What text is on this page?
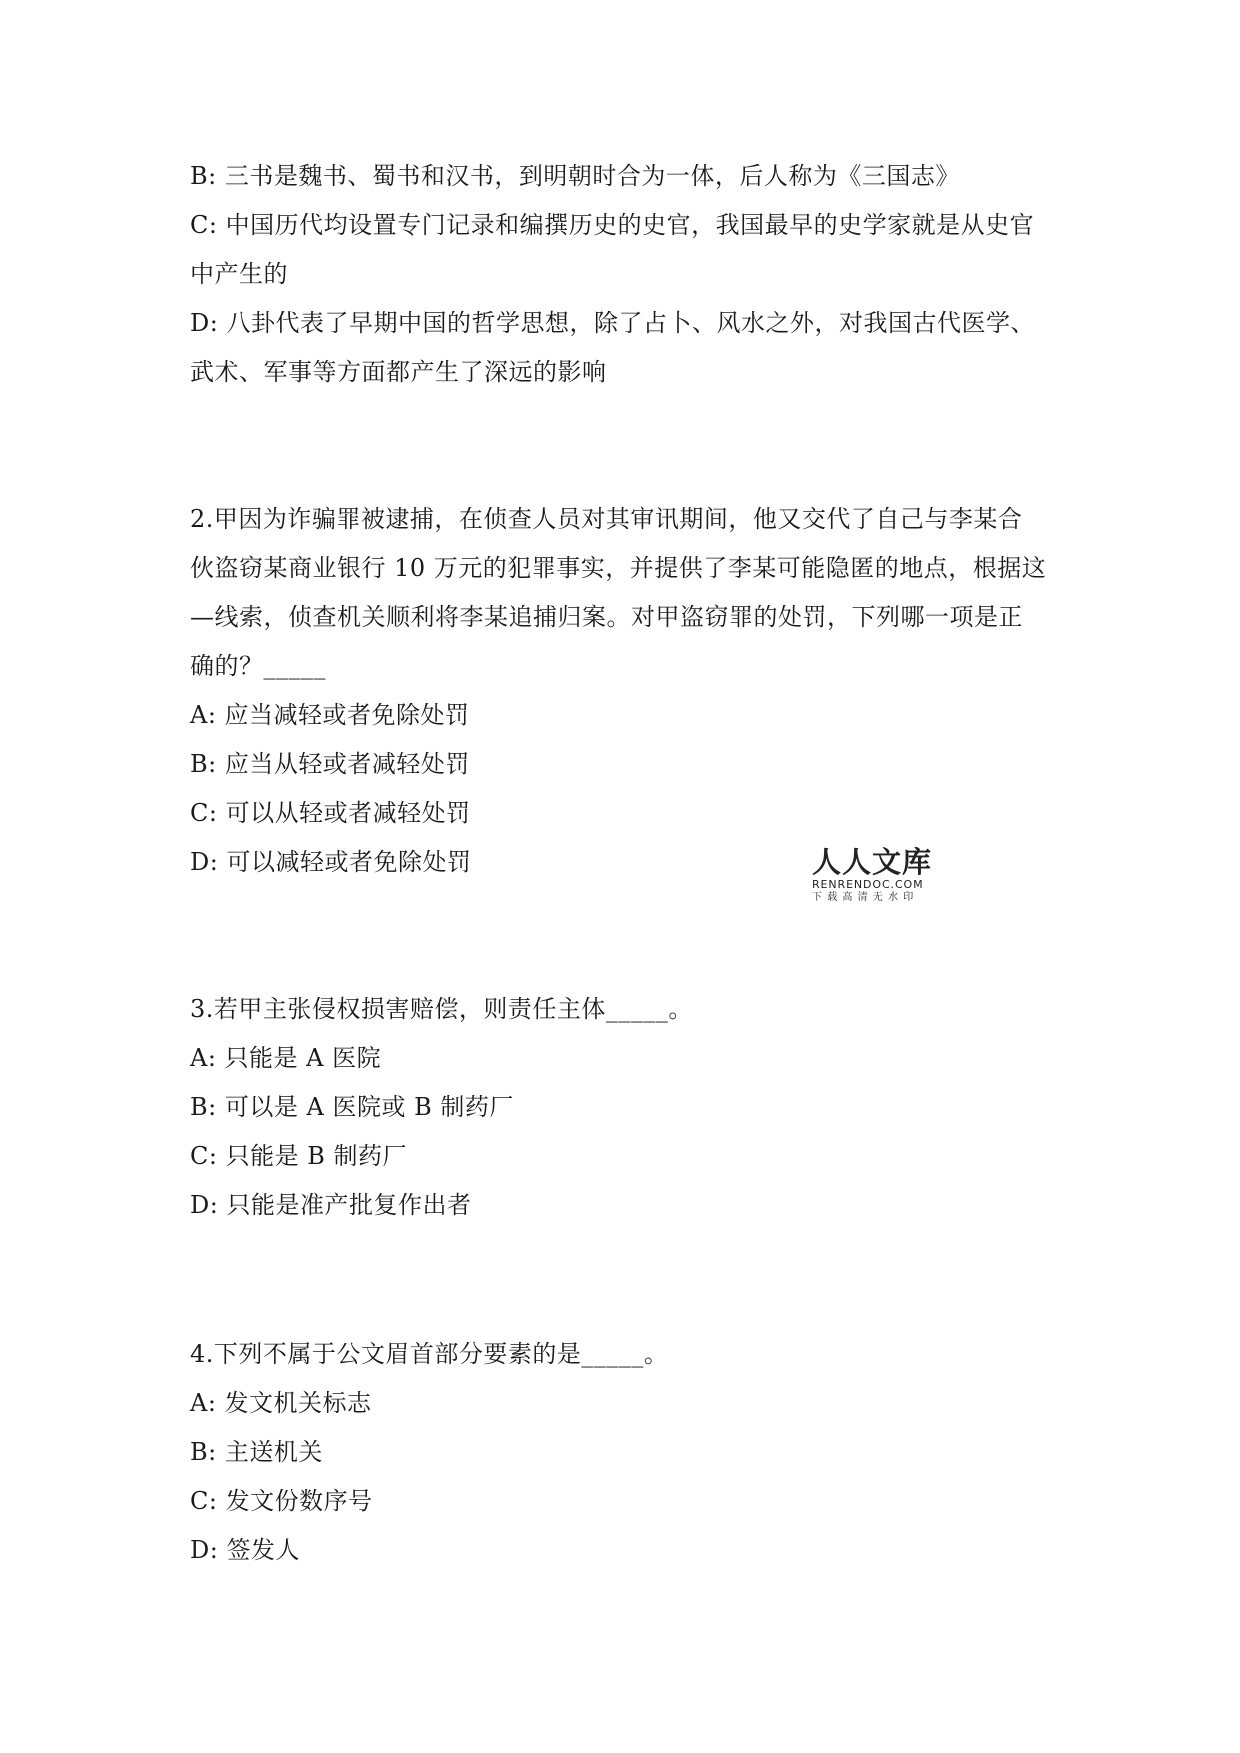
B: 三书是魏书、蜀书和汉书，到明朝时合为一体，后人称为《三国志》
C: 中国历代均设置专门记录和编撰历史的史官，我国最早的史学家就是从史官
中产生的
D: 八卦代表了早期中国的哲学思想，除了占卜、风水之外，对我国古代医学、
武术、军事等方面都产生了深远的影响
2.甲因为诈骗罪被逮捕，在侦查人员对其审讯期间，他又交代了自己与李某合
伙盗窃某商业银行 10 万元的犯罪事实，并提供了李某可能隐匿的地点，根据这
—线索，侦查机关顺利将李某追捕归案。对甲盗窃罪的处罚，下列哪一项是正
确的？_____
A: 应当减轻或者免除处罚
B: 应当从轻或者减轻处罚
C: 可以从轻或者减轻处罚
D: 可以减轻或者免除处罚	人人文库
RENRENDOC.COM
下载高清无水印
3.若甲主张侵权损害赔偿，则责任主体_____。
A: 只能是 A 医院
B: 可以是 A 医院或 B 制药厂
C: 只能是 B 制药厂
D: 只能是准产批复作出者
4.下列不属于公文眉首部分要素的是_____。
A: 发文机关标志
B: 主送机关
C: 发文份数序号
D: 签发人
